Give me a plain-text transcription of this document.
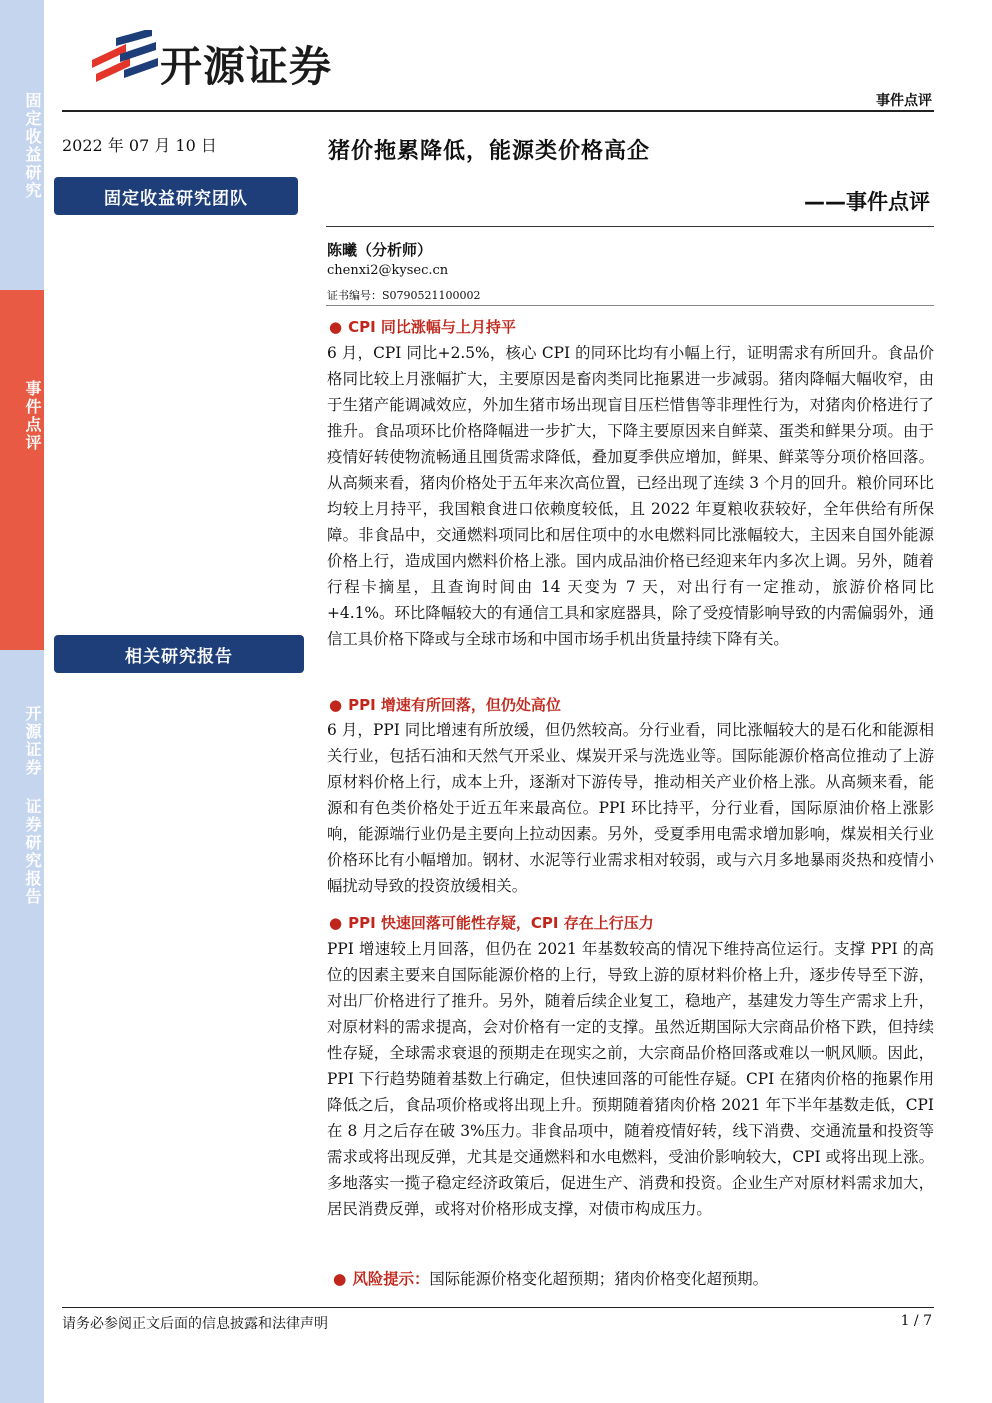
固定收益研究
事件点评
开源证券 证券研究报告
开源证券
事件点评
2022 年 07 月 10 日
固定收益研究团队
相关研究报告
猪价拖累降低，能源类价格高企
——事件点评
陈曦（分析师）
chenxi2@kysec.cn
证书编号：S0790521100002
● CPI 同比涨幅与上月持平
6 月，CPI 同比+2.5%，核心 CPI 的同环比均有小幅上行，证明需求有所回升。食品价格同比较上月涨幅扩大，主要原因是畜肉类同比拖累进一步减弱。猪肉降幅大幅收窄，由于生猪产能调减效应，外加生猪市场出现盲目压栏惜售等非理性行为，对猪肉价格进行了推升。食品项环比价格降幅进一步扩大，下降主要原因来自鲜菜、蛋类和鲜果分项。由于疫情好转使物流畅通且囤货需求降低，叠加夏季供应增加，鲜果、鲜菜等分项价格回落。从高频来看，猪肉价格处于五年来次高位置，已经出现了连续 3 个月的回升。粮价同环比均较上月持平，我国粮食进口依赖度较低，且 2022 年夏粮收获较好，全年供给有所保障。非食品中，交通燃料项同比和居住项中的水电燃料同比涨幅较大，主因来自国外能源价格上行，造成国内燃料价格上涨。国内成品油价格已经迎来年内多次上调。另外，随着行程卡摘星，且查询时间由 14 天变为 7 天，对出行有一定推动，旅游价格同比+4.1%。环比降幅较大的有通信工具和家庭器具，除了受疫情影响导致的内需偏弱外，通信工具价格下降或与全球市场和中国市场手机出货量持续下降有关。
● PPI 增速有所回落，但仍处高位
6 月，PPI 同比增速有所放缓，但仍然较高。分行业看，同比涨幅较大的是石化和能源相关行业，包括石油和天然气开采业、煤炭开采与洗选业等。国际能源价格高位推动了上游原材料价格上行，成本上升，逐渐对下游传导，推动相关产业价格上涨。从高频来看，能源和有色类价格处于近五年来最高位。PPI 环比持平，分行业看，国际原油价格上涨影响，能源端行业仍是主要向上拉动因素。另外，受夏季用电需求增加影响，煤炭相关行业价格环比有小幅增加。钢材、水泥等行业需求相对较弱，或与六月多地暴雨炎热和疫情小幅扰动导致的投资放缓相关。
● PPI 快速回落可能性存疑，CPI 存在上行压力
PPI 增速较上月回落，但仍在 2021 年基数较高的情况下维持高位运行。支撑 PPI 的高位的因素主要来自国际能源价格的上行，导致上游的原材料价格上升，逐步传导至下游，对出厂价格进行了推升。另外，随着后续企业复工，稳地产，基建发力等生产需求上升，对原材料的需求提高，会对价格有一定的支撑。虽然近期国际大宗商品价格下跌，但持续性存疑，全球需求衰退的预期走在现实之前，大宗商品价格回落或难以一帆风顺。因此，PPI 下行趋势随着基数上行确定，但快速回落的可能性存疑。CPI 在猪肉价格的拖累作用降低之后，食品项价格或将出现上升。预期随着猪肉价格 2021 年下半年基数走低，CPI 在 8 月之后存在破 3%压力。非食品项中，随着疫情好转，线下消费、交通流量和投资等需求或将出现反弹，尤其是交通燃料和水电燃料，受油价影响较大，CPI 或将出现上涨。多地落实一揽子稳定经济政策后，促进生产、消费和投资。企业生产对原材料需求加大，居民消费反弹，或将对价格形成支撑，对债市构成压力。
● 风险提示：国际能源价格变化超预期；猪肉价格变化超预期。
请务必参阅正文后面的信息披露和法律声明	1 / 7
